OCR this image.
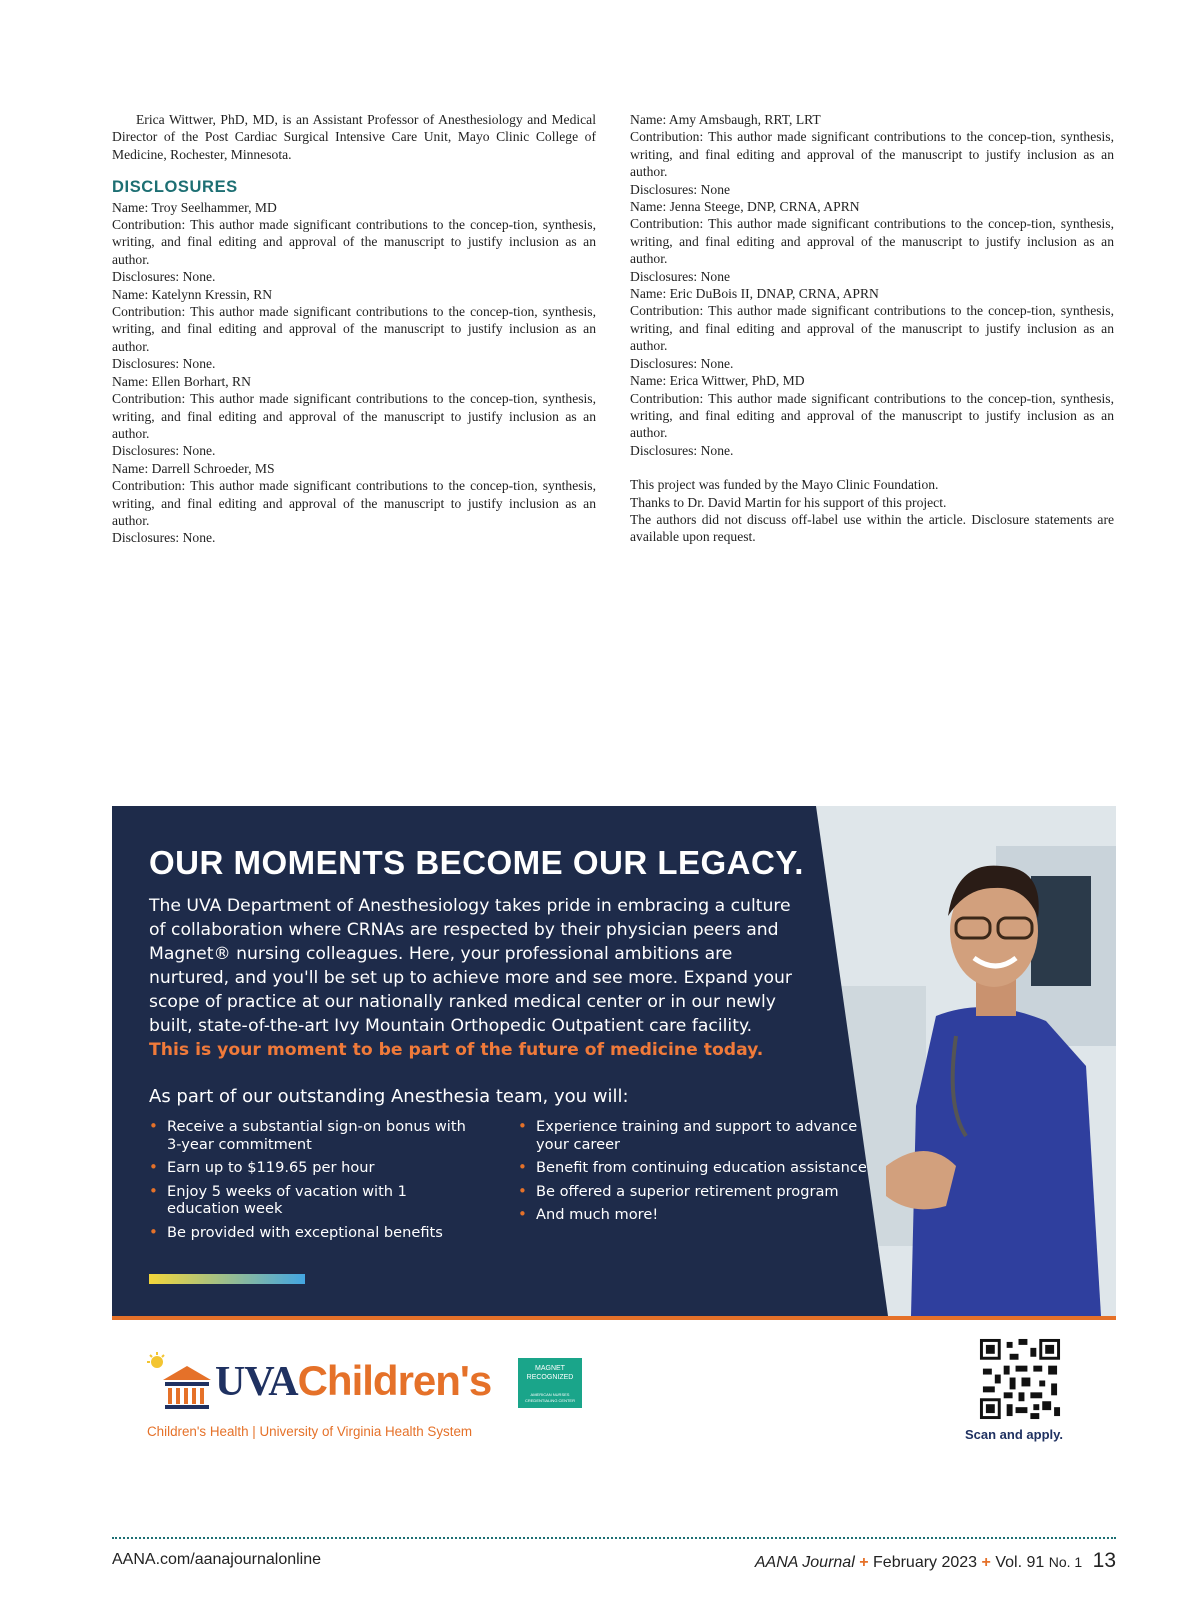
Erica Wittwer, PhD, MD, is an Assistant Professor of Anesthesiology and Medical Director of the Post Cardiac Surgical Intensive Care Unit, Mayo Clinic College of Medicine, Rochester, Minnesota.

DISCLOSURES

Name: Troy Seelhammer, MD

Contribution: This author made significant contributions to the concep-tion, synthesis, writing, and final editing and approval of the manuscript to justify inclusion as an author.

Disclosures: None.

Name: Katelynn Kressin, RN

Contribution: This author made significant contributions to the concep-tion, synthesis, writing, and final editing and approval of the manuscript to justify inclusion as an author.

Disclosures: None.

Name: Ellen Borhart, RN

Contribution: This author made significant contributions to the concep-tion, synthesis, writing, and final editing and approval of the manuscript to justify inclusion as an author.

Disclosures: None.

Name: Darrell Schroeder, MS

Contribution: This author made significant contributions to the concep-tion, synthesis, writing, and final editing and approval of the manuscript to justify inclusion as an author.

Disclosures: None.

Name: Amy Amsbaugh, RRT, LRT

Contribution: This author made significant contributions to the concep-tion, synthesis, writing, and final editing and approval of the manuscript to justify inclusion as an author.

Disclosures: None

Name: Jenna Steege, DNP, CRNA, APRN

Contribution: This author made significant contributions to the concep-tion, synthesis, writing, and final editing and approval of the manuscript to justify inclusion as an author.

Disclosures: None

Name: Eric DuBois II, DNAP, CRNA, APRN

Contribution: This author made significant contributions to the concep-tion, synthesis, writing, and final editing and approval of the manuscript to justify inclusion as an author.

Disclosures: None.

Name: Erica Wittwer, PhD, MD

Contribution: This author made significant contributions to the concep-tion, synthesis, writing, and final editing and approval of the manuscript to justify inclusion as an author.

Disclosures: None.

This project was funded by the Mayo Clinic Foundation.

Thanks to Dr. David Martin for his support of this project.

The authors did not discuss off-label use within the article. Disclosure statements are available upon request.

OUR MOMENTS BECOME OUR LEGACY.
The UVA Department of Anesthesiology takes pride in embracing a culture of collaboration where CRNAs are respected by their physician peers and Magnet® nursing colleagues. Here, your professional ambitions are nurtured, and you'll be set up to achieve more and see more. Expand your scope of practice at our nationally ranked medical center or in our newly built, state-of-the-art Ivy Mountain Orthopedic Outpatient care facility.
This is your moment to be part of the future of medicine today.
As part of our outstanding Anesthesia team, you will:
• Receive a substantial sign-on bonus with 3-year commitment
• Earn up to $119.65 per hour
• Enjoy 5 weeks of vacation with 1 education week
• Be provided with exceptional benefits
• Experience training and support to advance your career
• Benefit from continuing education assistance
• Be offered a superior retirement program
• And much more!
UVAChildren's
Children's Health | University of Virginia Health System
MAGNET
RECOGNIZED
AMERICAN NURSES CREDENTIALING CENTER
Scan and apply.
AANA.com/aanajournalonline	AANA Journal + February 2023 + Vol. 91 No. 1 13
